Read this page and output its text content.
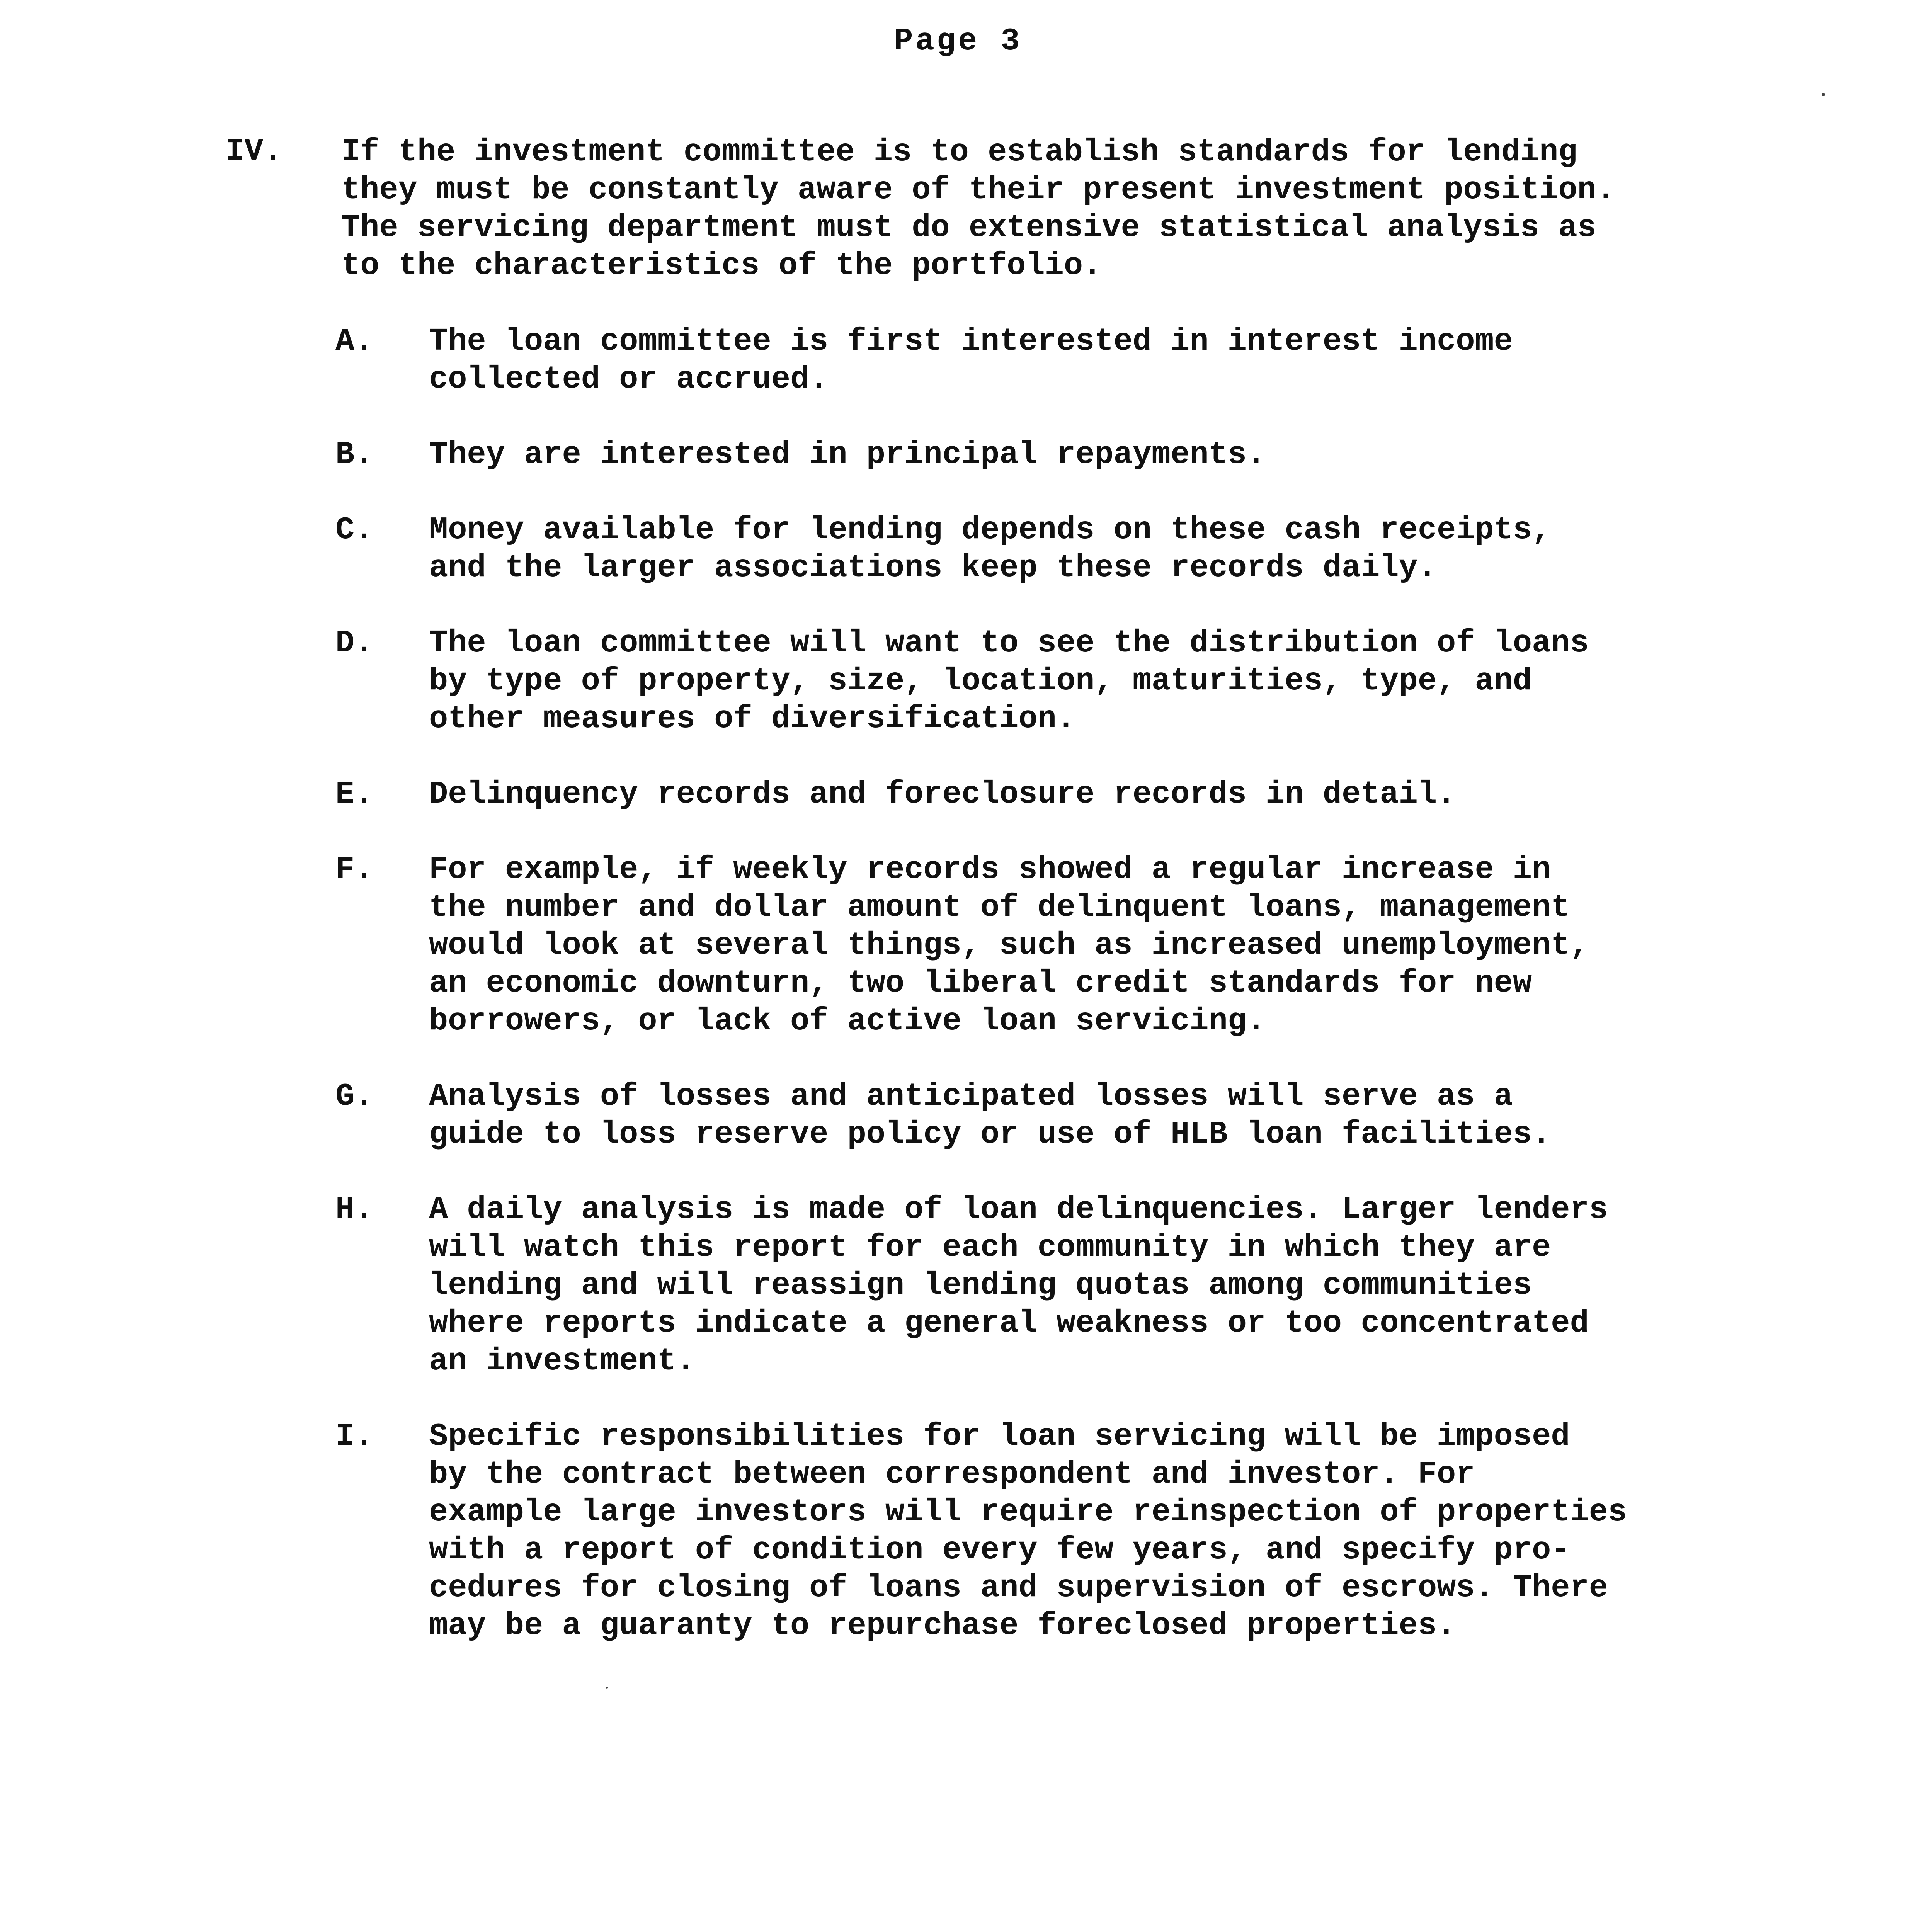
Page 3
IV.	If the investment committee is to establish standards for lending
they must be constantly aware of their present investment position.
The servicing department must do extensive statistical analysis as
to the characteristics of the portfolio.
A.	The loan committee is first interested in interest income
collected or accrued.
B.	They are interested in principal repayments.
C.	Money available for lending depends on these cash receipts,
and the larger associations keep these records daily.
D.	The loan committee will want to see the distribution of loans
by type of property, size, location, maturities, type, and
other measures of diversification.
E.	Delinquency records and foreclosure records in detail.
F.	For example, if weekly records showed a regular increase in
the number and dollar amount of delinquent loans, management
would look at several things, such as increased unemployment,
an economic downturn, two liberal credit standards for new
borrowers, or lack of active loan servicing.
G.	Analysis of losses and anticipated losses will serve as a
guide to loss reserve policy or use of HLB loan facilities.
H.	A daily analysis is made of loan delinquencies. Larger lenders
will watch this report for each community in which they are
lending and will reassign lending quotas among communities
where reports indicate a general weakness or too concentrated
an investment.
I.	Specific responsibilities for loan servicing will be imposed
by the contract between correspondent and investor. For
example large investors will require reinspection of properties
with a report of condition every few years, and specify pro-
cedures for closing of loans and supervision of escrows. There
may be a guaranty to repurchase foreclosed properties.
